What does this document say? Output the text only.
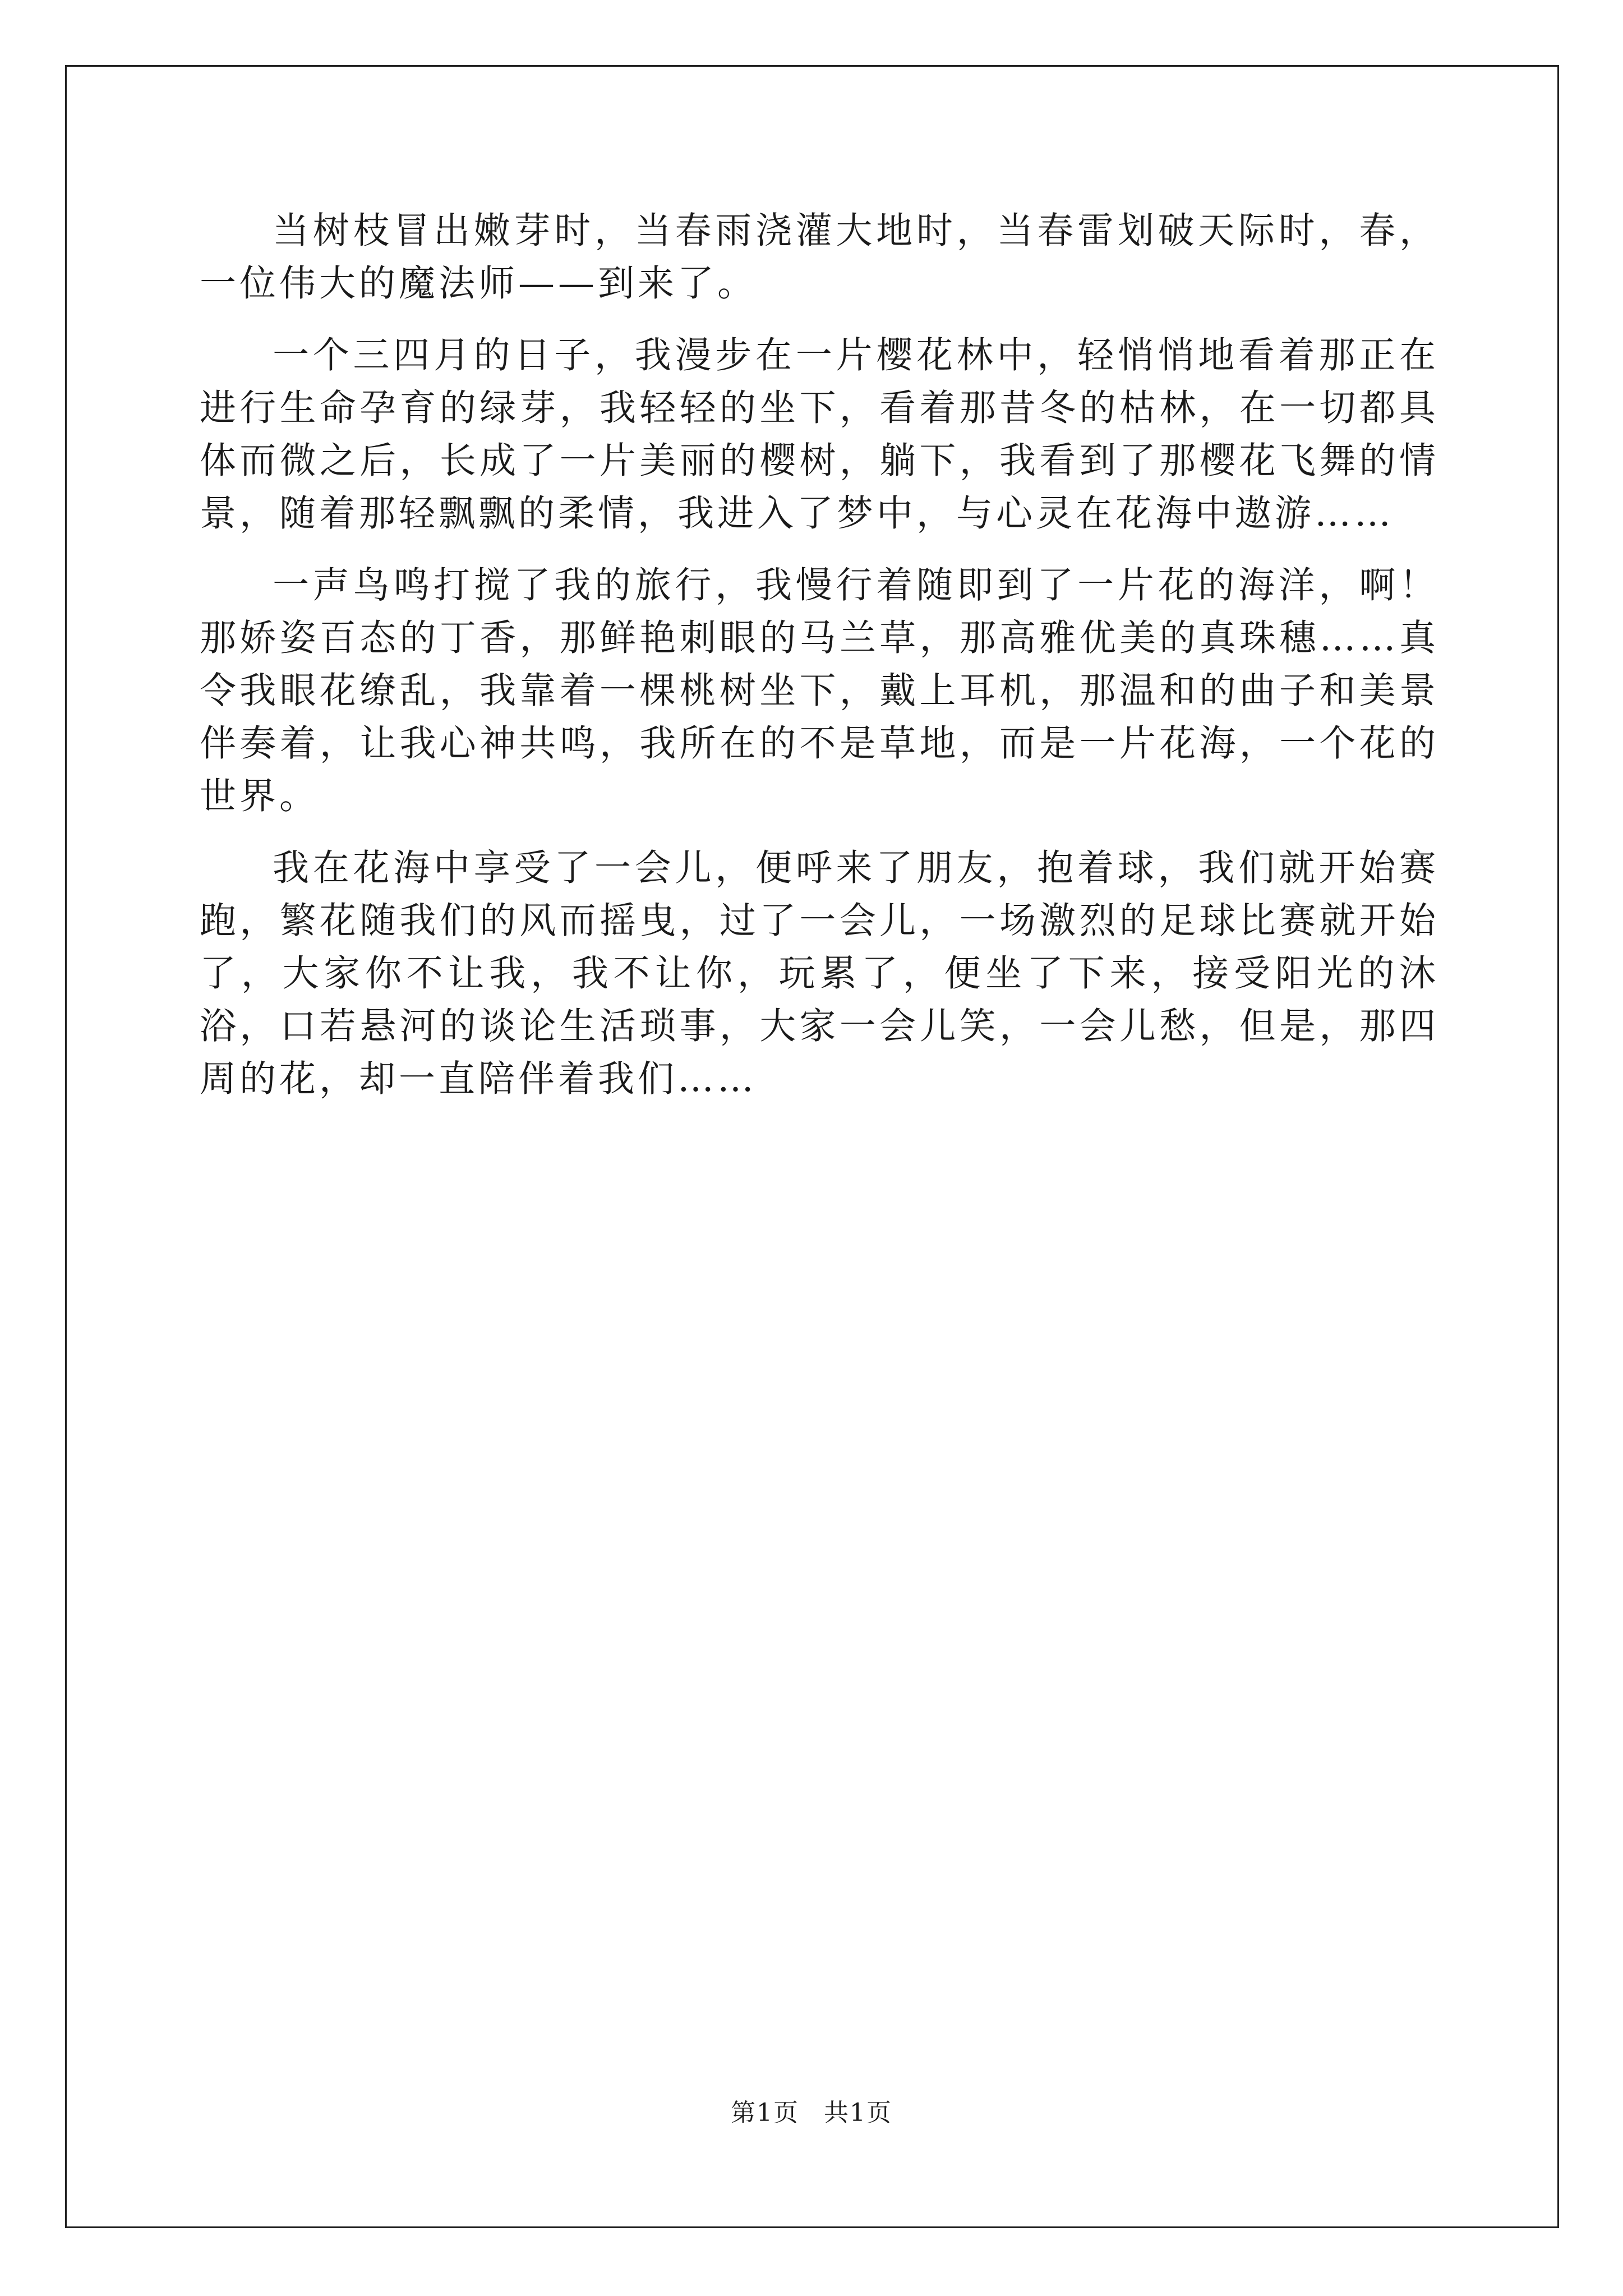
当树枝冒出嫩芽时，当春雨浇灌大地时，当春雷划破天际时，春，一位伟大的魔法师——到来了。

一个三四月的日子，我漫步在一片樱花林中，轻悄悄地看着那正在进行生命孕育的绿芽，我轻轻的坐下，看着那昔冬的枯林，在一切都具体而微之后，长成了一片美丽的樱树，躺下，我看到了那樱花飞舞的情景，随着那轻飘飘的柔情，我进入了梦中，与心灵在花海中遨游……

一声鸟鸣打搅了我的旅行，我慢行着随即到了一片花的海洋，啊！那娇姿百态的丁香，那鲜艳刺眼的马兰草，那高雅优美的真珠穗……真令我眼花缭乱，我靠着一棵桃树坐下，戴上耳机，那温和的曲子和美景伴奏着，让我心神共鸣，我所在的不是草地，而是一片花海，一个花的世界。

我在花海中享受了一会儿，便呼来了朋友，抱着球，我们就开始赛跑，繁花随我们的风而摇曳，过了一会儿，一场激烈的足球比赛就开始了，大家你不让我，我不让你，玩累了，便坐了下来，接受阳光的沐浴，口若悬河的谈论生活琐事，大家一会儿笑，一会儿愁，但是，那四周的花，却一直陪伴着我们……

第1页 共1页
